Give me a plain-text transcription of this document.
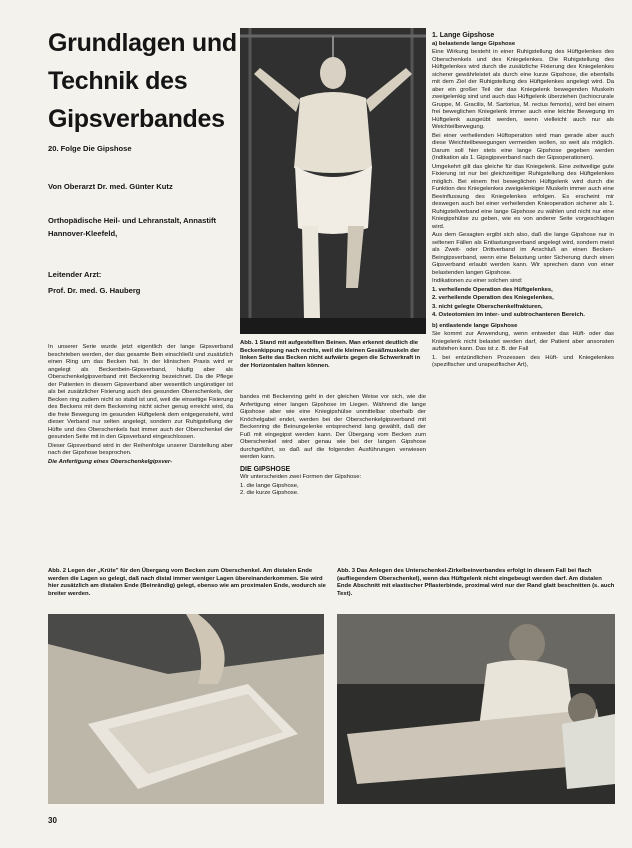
Grundlagen und Technik des Gipsverbandes
20. Folge Die Gipshose
Von Oberarzt Dr. med. Günter Kutz
Orthopädische Heil- und Lehranstalt, Annastift Hannover-Kleefeld,
Leitender Arzt:
Prof. Dr. med. G. Hauberg
1. Lange Gipshose
a) belastende lange Gipshose

Eine Wirkung besteht in einer Ruhigstellung des Hüftgelenkes des Oberschenkels und des Kniegelenkes. Die Ruhigstellung des Hüftgelenkes wird durch die zusätzliche Fixierung des Kniegelenkes sicherer gewährleistet als durch eine kurze Gipshose, die ebenfalls mit dem Ziel der Ruhigstellung des Hüftgelenkes angelegt wird. Da aber ein großer Teil der das Kniegelenk bewegenden Muskeln zweigelenkig sind und auch das Hüftgelenk überziehen (ischiocrurale Gruppe, M. Gracilis, M. Sartorius, M. rectus femoris), wird bei einem frei beweglichen Kniegelenk immer auch eine leichte Bewegung im Hüftgelenk ausgeübt werden, wenn vielleicht auch nur als Weichteilbewegung.

Bei einer verheilenden Hüftoperation wird man gerade aber auch diese Weichteilbewegungen vermeiden wollen, so weit als möglich. Darum soll hier stets eine lange Gipshose gegeben werden (Indikation als 1. Gipsgipsverband nach der Gipsoperationen).

Umgekehrt gilt das gleiche für das Kniegelenk. Eine zeitweilige gute Fixierung ist nur bei gleichzeitiger Ruhigstellung des Hüftgelenkes möglich. Bei einem frei beweglichen Hüftgelenk wird durch die Funktion des Kniegelenkes zweigelenkiger Muskeln immer auch eine Beeinflussung des Kniegelenkes erfolgen. Es erscheint mir deswegen auch bei einer verheilenden Knieoperation sicherer als 1. Ruhigstellverband eine lange Gipshose zu wählen und nicht nur eine Kniegipshülse zu geben, wie es von anderer Seite vorgeschlagen wird.

Aus dem Gesagten ergibt sich also, daß die lange Gipshose nur in seltenen Fällen als Entlastungsverband angelegt wird, sondern meist als Zweit- oder Drittverband im Anschluß an einen Becken-Beingipsverband, wenn eine Belastung unter Sicherung durch einen Gipsverband erlaubt werden kann. Wir sprechen dann von einer belastenden langen Gipshose.

Indikationen zu einer solchen sind:

1. verheilende Operation des Hüftgelenkes,
2. verheilende Operation des Kniegelenkes,
3. nicht gelegte Oberschenkelfrakturen,
4. Osteotomien im inter- und subtrochanteren Bereich.
b) entlastende lange Gipshose

Sie kommt zur Anwendung, wenn entweder das Hüft- oder das Kniegelenk nicht belastet werden darf, der Patient aber ansonsten aufstehen kann. Das ist z. B. der Fall

1. bei entzündlichen Prozessen des Hüft- und Kniegelenkes (spezifischer und unspezifischer Art),

In unserer Serie wurde jetzt eigentlich der lange Gipsverband beschrieben werden, der das gesamte Bein einschließt und zusätzlich einen Ring um das Becken hat. In der klinischen Praxis wird er angelegt als Beckenbein-Gipsverband, häufig aber als Oberschenkelgipsverband mit Beckenring bezeichnet. Da die Pflege der Patienten in diesem Gipsverband aber wesentlich ungünstiger ist als bei zusätzlicher Fixierung auch des gesunden Oberschenkels, der Becken ring zudem nicht so stabil ist und, weil die einseitige Fixierung des Beckens mit dem Beckenring nicht sicher genug erreicht wird, da die freie Bewegung im gesunden Hüftgelenk dem entgegensteht, wird dieser Verband nur selten angelegt, sondern zur Ruhigstellung der Hüfte und des Oberschenkels fast immer auch der Oberschenkel der gesunden Seite mit in den Gipsverband eingeschlossen.

Dieser Gipsverband wird in der Reihenfolge unserer Darstellung aber nach der Gipshose besprochen.

Die Anfertigung eines Oberschenkelgipsver-

Abb. 1 Stand mit aufgestellten Beinen. Man erkennt deutlich die Beckenkippung nach rechts, weil die kleinen Gesäßmuskeln der linken Seite das Becken nicht aufwärts gegen die Schwerkraft in der Horizontalen halten können.

bandes mit Beckenring geht in der gleichen Weise vor sich, wie die Anfertigung einer langen Gipshose im Liegen. Während die lange Gipshose aber wie eine Kniegipshülse unmittelbar oberhalb der Knöchelgabel endet, werden bei der Oberschenkelgipsverband mit Beckenring die Beinungelenke entsprechend lang gewählt, daß der Fuß mit eingegipst werden kann. Der Übergang vom Becken zum Oberschenkel wird aber genau wie bei der langen Gipshose durchgeführt, so daß auf die folgenden Ausführungen verwiesen werden kann.

DIE GIPSHOSE

Wir unterscheiden zwei Formen der Gipshose:

1. die lange Gipshose,
2. die kurze Gipshose.
Abb. 2 Legen der „Krüte" für den Übergang vom Becken zum Oberschenkel. Am distalen Ende werden die Lagen so gelegt, daß nach distal immer weniger Lagen übereinanderkommen. Sie wird hier zusätzlich am distalen Ende (Beinrändig) gelegt, ebenso wie am proximalen Ende, wodurch sie breiter werden.
Abb. 3 Das Anlegen des Unterschenkel-Zirkelbeinverbandes erfolgt in diesem Fall bei flach (aufliegendem Oberschenkel), wenn das Hüftgelenk nicht eingebeugt werden darf. Am distalen Ende Abschnitt mit elastischer Pflasterbinde, proximal wird nur der Rand glatt beschnitten (s. auch Text).
30
